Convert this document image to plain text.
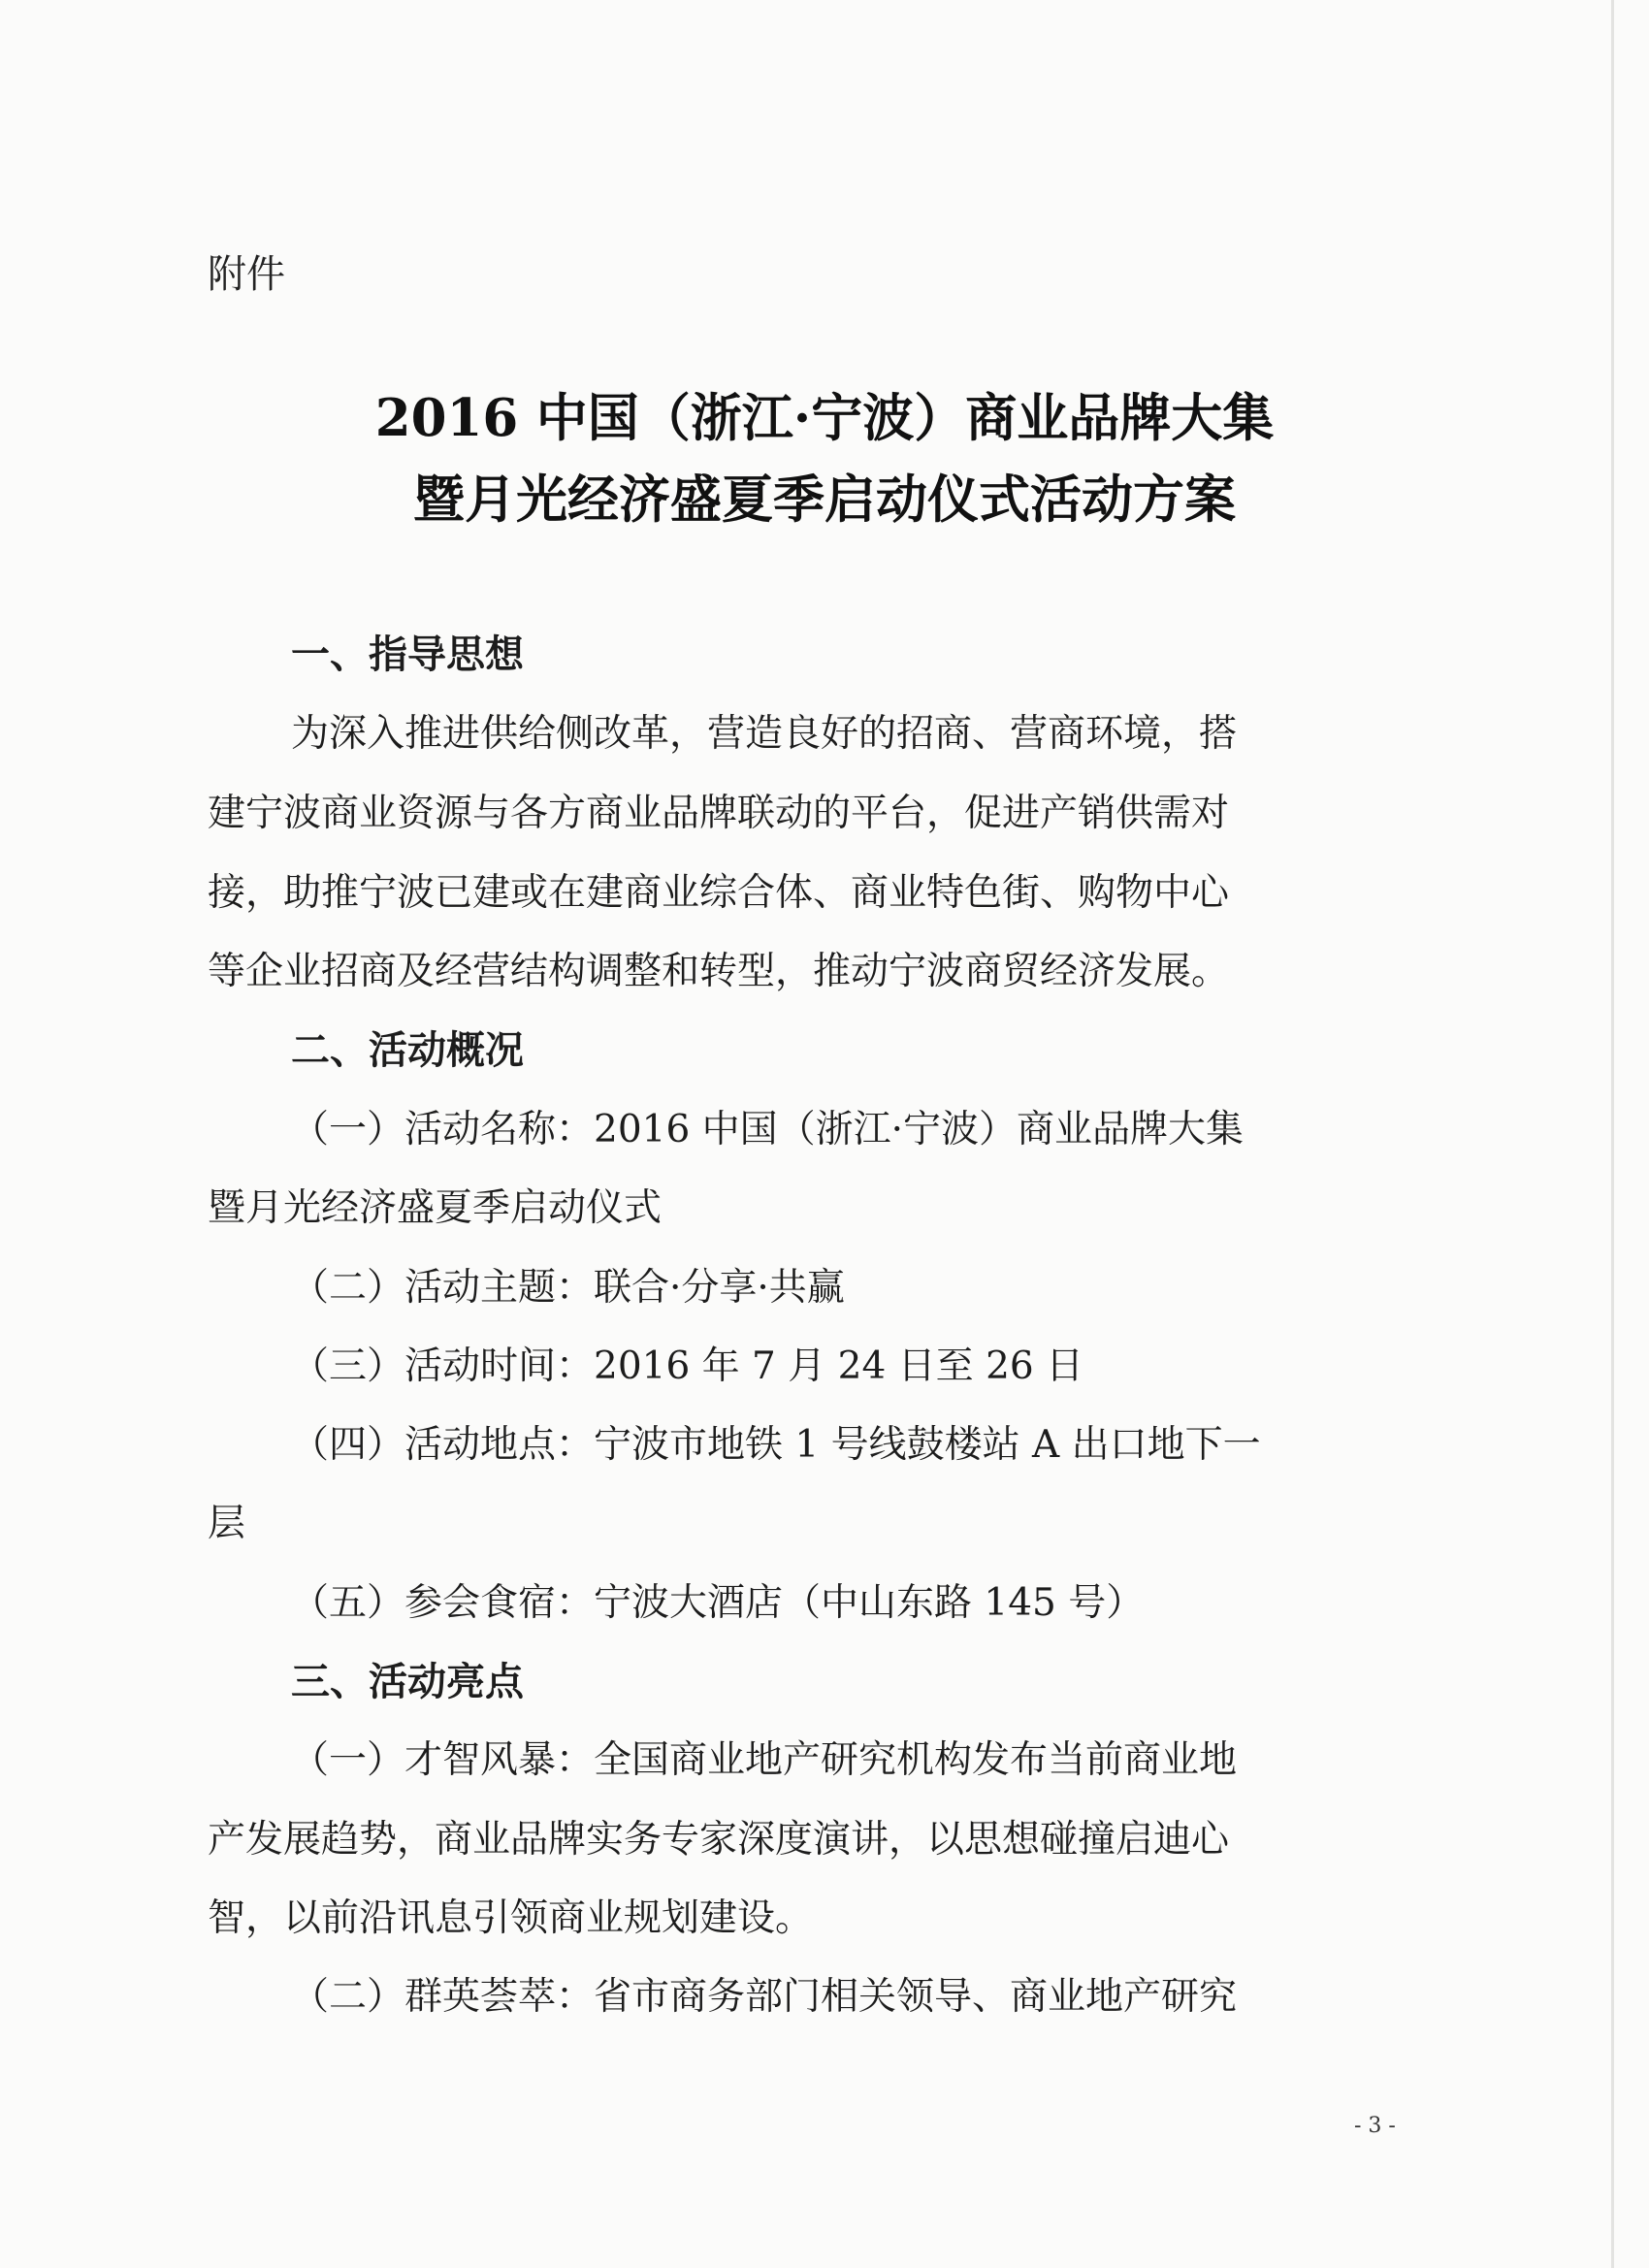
附件
2016 中国（浙江·宁波）商业品牌大集
暨月光经济盛夏季启动仪式活动方案
一、指导思想
为深入推进供给侧改革，营造良好的招商、营商环境，搭
建宁波商业资源与各方商业品牌联动的平台，促进产销供需对
接，助推宁波已建或在建商业综合体、商业特色街、购物中心
等企业招商及经营结构调整和转型，推动宁波商贸经济发展。
二、活动概况
（一）活动名称：2016 中国（浙江·宁波）商业品牌大集
暨月光经济盛夏季启动仪式
（二）活动主题：联合·分享·共赢
（三）活动时间：2016 年 7 月 24 日至 26 日
（四）活动地点：宁波市地铁 1 号线鼓楼站 A 出口地下一
层
（五）参会食宿：宁波大酒店（中山东路 145 号）
三、活动亮点
（一）才智风暴：全国商业地产研究机构发布当前商业地
产发展趋势，商业品牌实务专家深度演讲，以思想碰撞启迪心
智，以前沿讯息引领商业规划建设。
（二）群英荟萃：省市商务部门相关领导、商业地产研究
- 3 -
